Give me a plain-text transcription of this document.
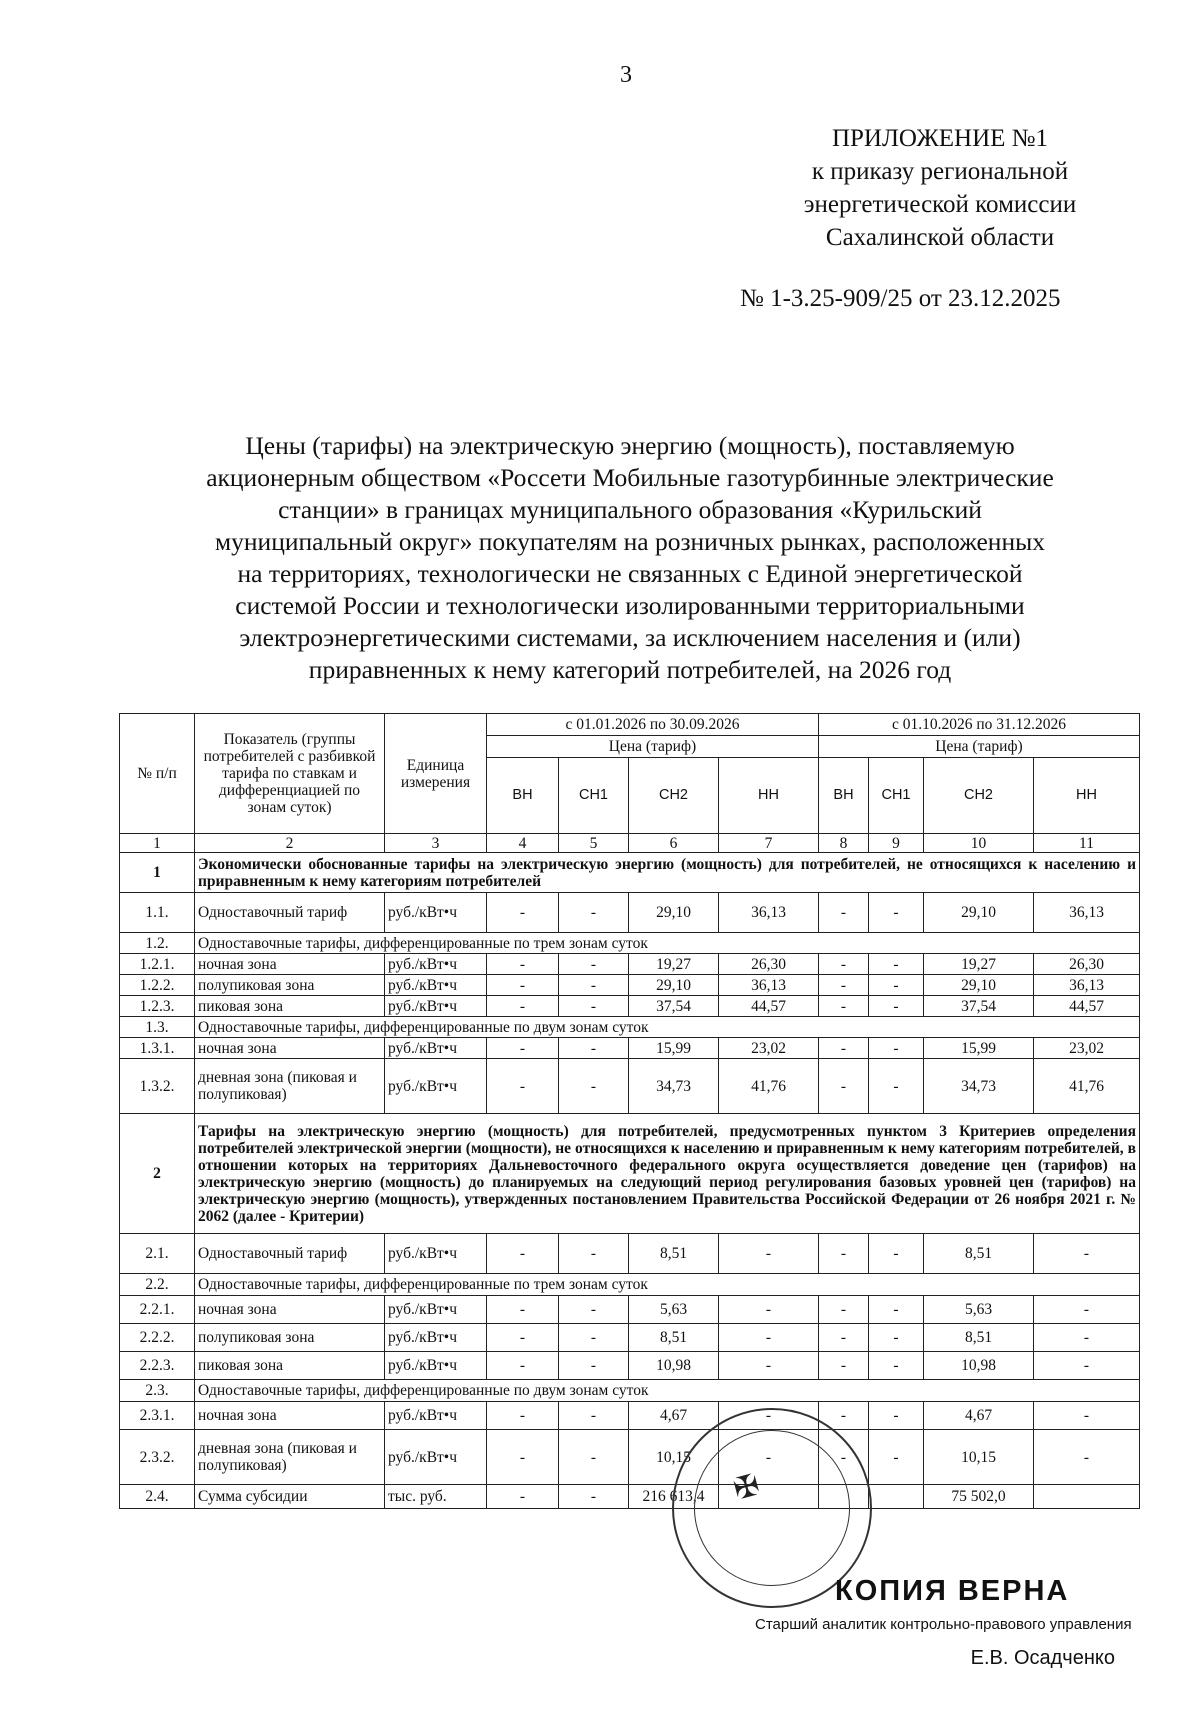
3
ПРИЛОЖЕНИЕ №1
к приказу региональной
энергетической комиссии
Сахалинской области
№ 1-3.25-909/25 от 23.12.2025
Цены (тарифы) на электрическую энергию (мощность), поставляемую
акционерным обществом «Россети Мобильные газотурбинные электрические
станции» в границах муниципального образования «Курильский
муниципальный округ» покупателям на розничных рынках, расположенных
на территориях, технологически не связанных с Единой энергетической
системой России и технологически изолированными территориальными
электроэнергетическими системами, за исключением населения и (или)
приравненных к нему категорий потребителей, на 2026 год
№ п/п	Показатель (группы потребителей с разбивкой тарифа по ставкам и дифференциацией по зонам суток)	Единица измерения	с 01.01.2026 по 30.09.2026				с 01.10.2026 по 31.12.2026			
			Цена (тариф)				Цена (тариф)			
			ВН	СН1	СН2	НН	ВН	СН1	СН2	НН
1	2	3	4	5	6	7	8	9	10	11
1	Экономически обоснованные тарифы на электрическую энергию (мощность) для потребителей, не относящихся к населению и приравненным к нему категориям потребителей									
1.1.	Одноставочный тариф	руб./кВт•ч	-	-	29,10	36,13	-	-	29,10	36,13
1.2.	Одноставочные тарифы, дифференцированные по трем зонам суток									
1.2.1.	ночная зона	руб./кВт•ч	-	-	19,27	26,30	-	-	19,27	26,30
1.2.2.	полупиковая зона	руб./кВт•ч	-	-	29,10	36,13	-	-	29,10	36,13
1.2.3.	пиковая зона	руб./кВт•ч	-	-	37,54	44,57	-	-	37,54	44,57
1.3.	Одноставочные тарифы, дифференцированные по двум зонам суток									
1.3.1.	ночная зона	руб./кВт•ч	-	-	15,99	23,02	-	-	15,99	23,02
1.3.2.	дневная зона (пиковая и полупиковая)	руб./кВт•ч	-	-	34,73	41,76	-	-	34,73	41,76
2	Тарифы на электрическую энергию (мощность) для потребителей, предусмотренных пунктом 3 Критериев определения потребителей электрической энергии (мощности), не относящихся к населению и приравненным к нему категориям потребителей, в отношении которых на территориях Дальневосточного федерального округа осуществляется доведение цен (тарифов) на электрическую энергию (мощность) до планируемых на следующий период регулирования базовых уровней цен (тарифов) на электрическую энергию (мощность), утвержденных постановлением Правительства Российской Федерации от 26 ноября 2021 г. № 2062 (далее - Критерии)									
2.1.	Одноставочный тариф	руб./кВт•ч	-	-	8,51	-	-	-	8,51	-
2.2.	Одноставочные тарифы, дифференцированные по трем зонам суток									
2.2.1.	ночная зона	руб./кВт•ч	-	-	5,63	-	-	-	5,63	-
2.2.2.	полупиковая зона	руб./кВт•ч	-	-	8,51	-	-	-	8,51	-
2.2.3.	пиковая зона	руб./кВт•ч	-	-	10,98	-	-	-	10,98	-
2.3.	Одноставочные тарифы, дифференцированные по двум зонам суток									
2.3.1.	ночная зона	руб./кВт•ч	-	-	4,67	-	-	-	4,67	-
2.3.2.	дневная зона (пиковая и полупиковая)	руб./кВт•ч	-	-	10,15	-	-	-	10,15	-
2.4.	Сумма субсидии	тыс. руб.	-	-	216 613,4				75 502,0	
✠
КОПИЯ ВЕРНА
Старший аналитик контрольно-правового управления
Е.В. Осадченко
